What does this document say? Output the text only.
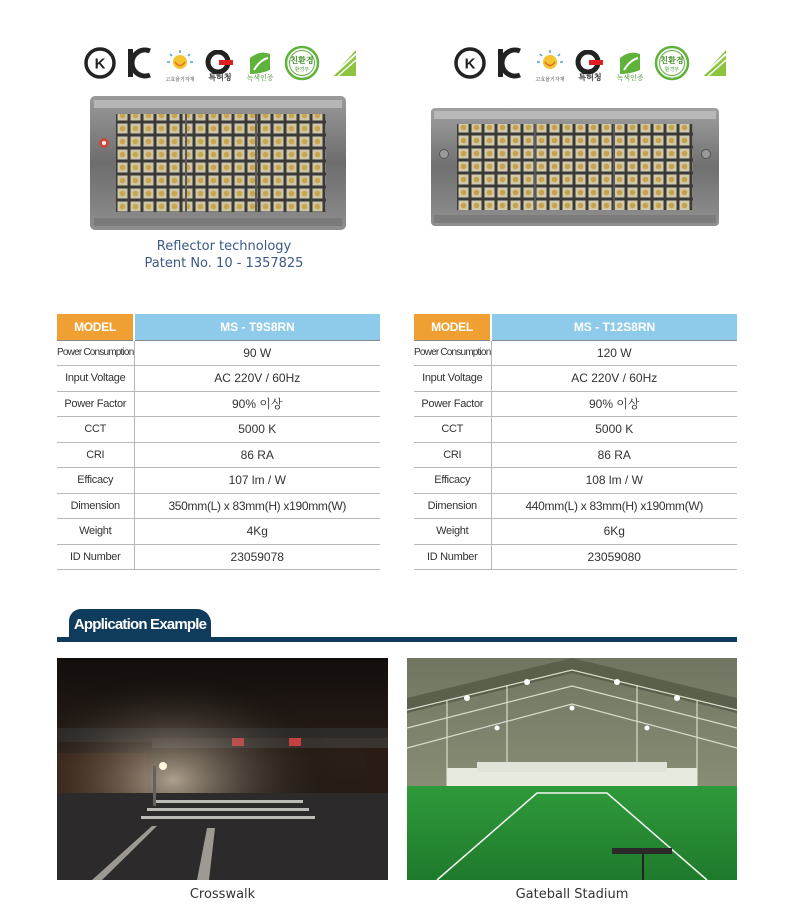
K
고효율기자재	특허청	녹색인증
친환경
환경부	K
고효율기자재	특허청	녹색인증
친환경
환경부
Reflector technology
Patent No. 10 - 1357825
MODEL	MS - T9S8RN
Power Consumption	90 W
Input Voltage	AC 220V / 60Hz
Power Factor	90% 이상
CCT	5000 K
CRI	86 RA
Efficacy	107 lm / W
Dimension	350mm(L) x 83mm(H) x190mm(W)
Weight	4Kg
ID Number	23059078
MODEL	MS - T12S8RN
Power Consumption	120 W
Input Voltage	AC 220V / 60Hz
Power Factor	90% 이상
CCT	5000 K
CRI	86 RA
Efficacy	108 lm / W
Dimension	440mm(L) x 83mm(H) x190mm(W)
Weight	6Kg
ID Number	23059080
Application Example
Crosswalk	Gateball Stadium
